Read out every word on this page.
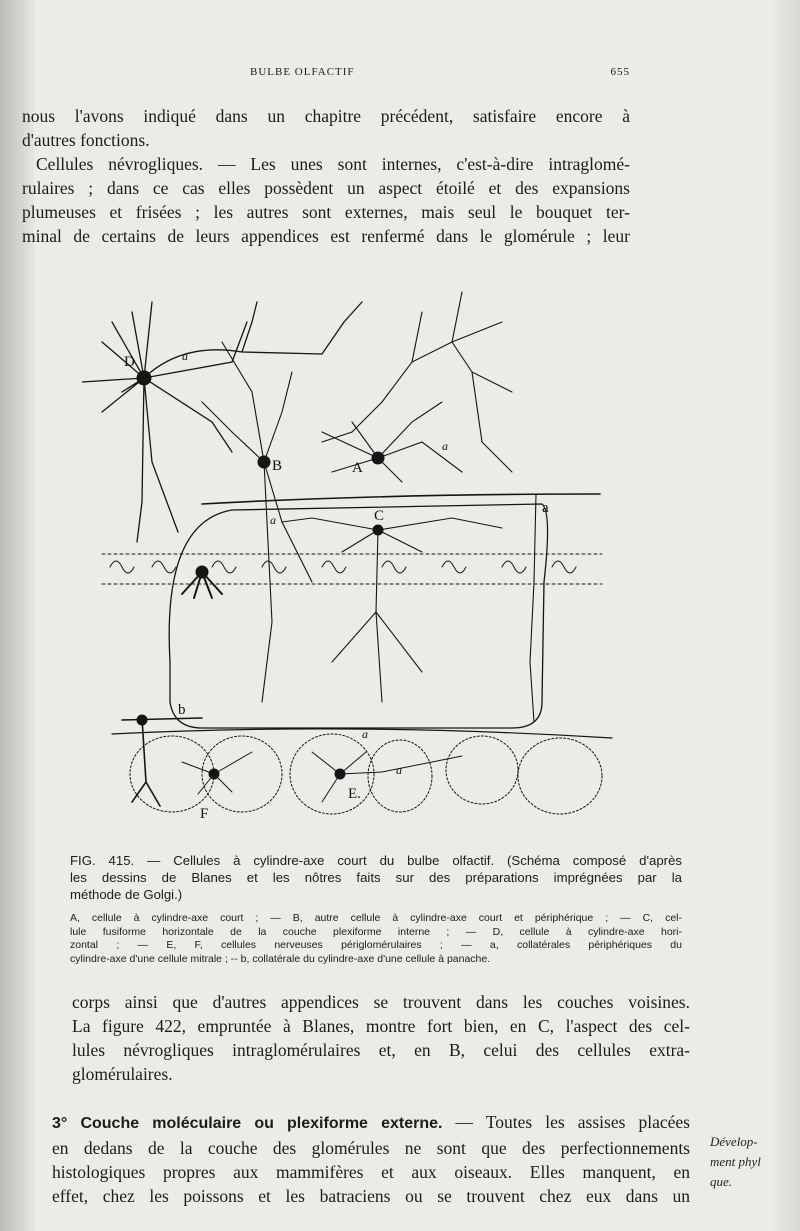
BULBE OLFACTIF	655
nous l'avons indiqué dans un chapitre précédent, satisfaire encore à
d'autres fonctions.
Cellules névrogliques. — Les unes sont internes, c'est-à-dire intraglomé-
rulaires ; dans ce cas elles possèdent un aspect étoilé et des expansions
plumeuses et frisées ; les autres sont externes, mais seul le bouquet ter-
minal de certains de leurs appendices est renfermé dans le glomérule ; leur
D	a
B	A
a
C	a
a
b
a
a
E.
F
FIG. 415. — Cellules à cylindre-axe court du bulbe olfactif. (Schéma composé d'après
les dessins de Blanes et les nôtres faits sur des préparations imprégnées par la
méthode de Golgi.)
A, cellule à cylindre-axe court ; — B, autre cellule à cylindre-axe court et périphérique ; — C, cel-
lule fusiforme horizontale de la couche plexiforme interne ; — D, cellule à cylindre-axe hori-
zontal ; — E, F, cellules nerveuses périglomérulaires ; — a, collatérales périphériques du
cylindre-axe d'une cellule mitrale ; -- b, collatérale du cylindre-axe d'une cellule à panache.
corps ainsi que d'autres appendices se trouvent dans les couches voisines.
La figure 422, empruntée à Blanes, montre fort bien, en C, l'aspect des cel-
lules névrogliques intraglomérulaires et, en B, celui des cellules extra-
glomérulaires.
3° Couche moléculaire ou plexiforme externe. — Toutes les assises placées
en dedans de la couche des glomérules ne sont que des perfectionnements
histologiques propres aux mammifères et aux oiseaux. Elles manquent, en
effet, chez les poissons et les batraciens ou se trouvent chez eux dans un
Dévelop-
ment phyl
que.
